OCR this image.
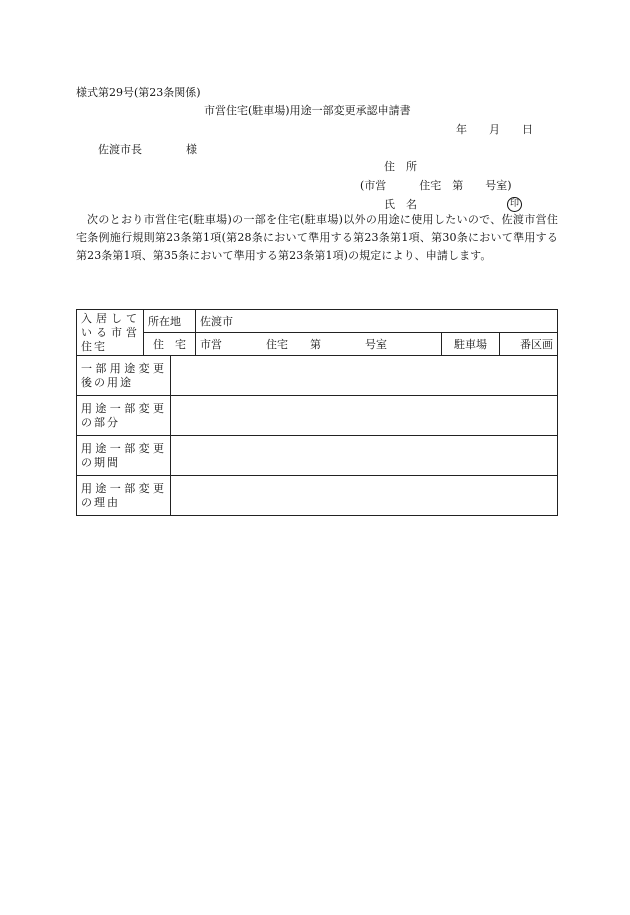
様式第29号(第23条関係)
市営住宅(駐車場)用途一部変更承認申請書
年　　月　　日
佐渡市長　　　　様
住　所
(市営　　　住宅　第　　号室)
氏　名	印
次のとおり市営住宅(駐車場)の一部を住宅(駐車場)以外の用途に使用したいので、佐渡市営住宅条例施行規則第23条第1項(第28条において準用する第23条第1項、第30条において準用する第23条第1項、第35条において準用する第23条第1項)の規定により、申請します。
入居している市営住宅	所在地		佐渡市		
	住　宅		市営　　　　住宅　　第　　　　号室	駐車場	番区画
一部用途変更後の用途					
用途一部変更の部分					
用途一部変更の期間					
用途一部変更の理由					
